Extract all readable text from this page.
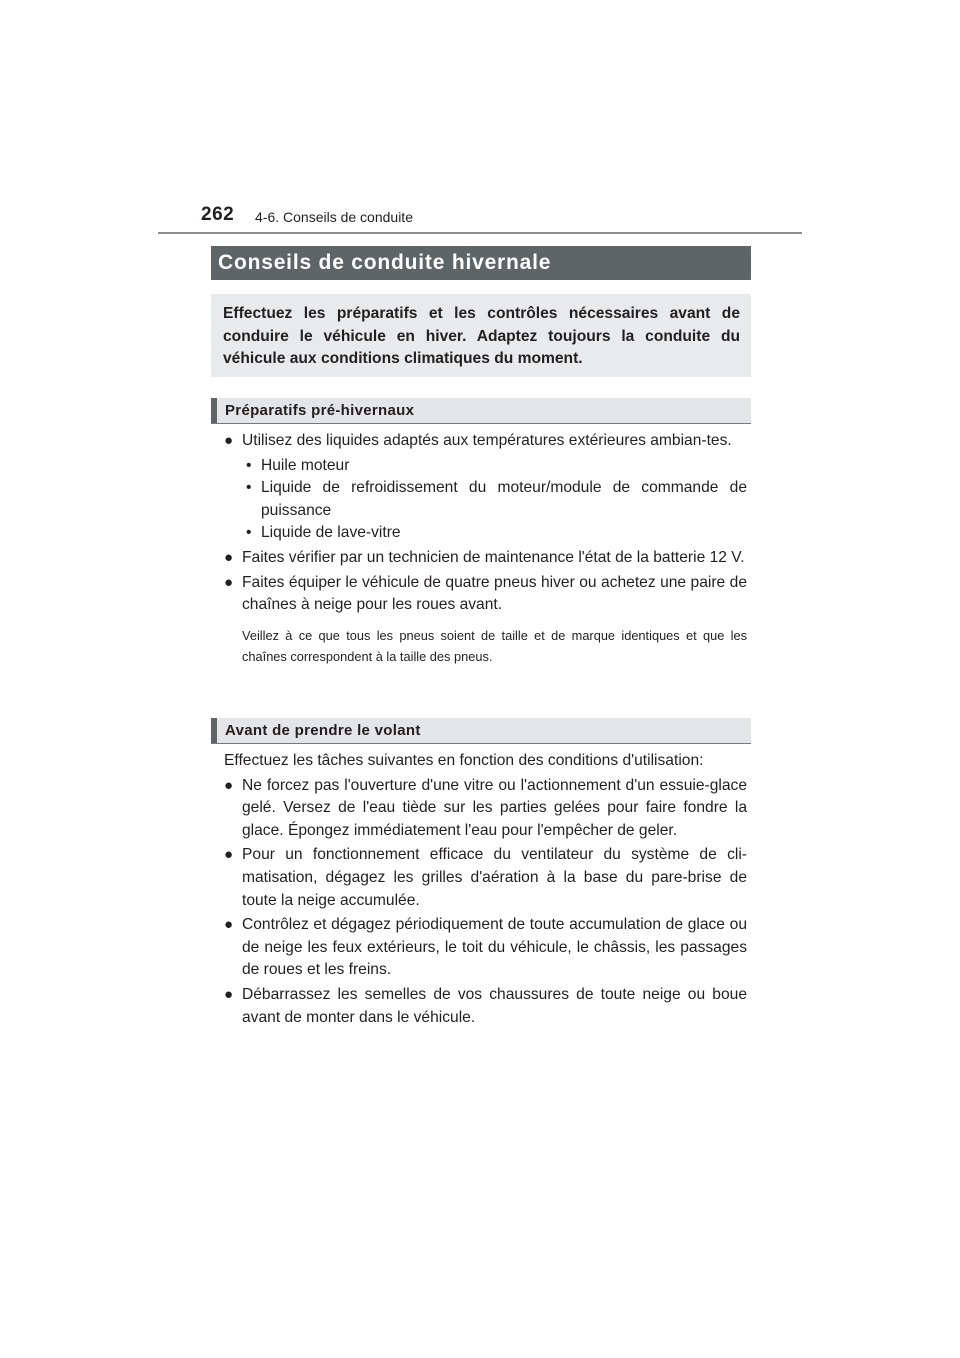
262 4-6. Conseils de conduite
Conseils de conduite hivernale

Effectuez les préparatifs et les contrôles nécessaires avant de conduire le véhicule en hiver. Adaptez toujours la conduite du véhicule aux conditions climatiques du moment.

Préparatifs pré-hivernaux
● Utilisez des liquides adaptés aux températures extérieures ambian-tes.
• Huile moteur
• Liquide de refroidissement du moteur/module de commande de puissance
• Liquide de lave-vitre
● Faites vérifier par un technicien de maintenance l'état de la batterie 12 V.
● Faites équiper le véhicule de quatre pneus hiver ou achetez une paire de chaînes à neige pour les roues avant.
Veillez à ce que tous les pneus soient de taille et de marque identiques et que les chaînes correspondent à la taille des pneus.
Avant de prendre le volant
Effectuez les tâches suivantes en fonction des conditions d'utilisation:
● Ne forcez pas l'ouverture d'une vitre ou l'actionnement d'un essuie-glace gelé. Versez de l'eau tiède sur les parties gelées pour faire fondre la glace. Épongez immédiatement l'eau pour l'empêcher de geler.
● Pour un fonctionnement efficace du ventilateur du système de cli-matisation, dégagez les grilles d'aération à la base du pare-brise de toute la neige accumulée.
● Contrôlez et dégagez périodiquement de toute accumulation de glace ou de neige les feux extérieurs, le toit du véhicule, le châssis, les passages de roues et les freins.
● Débarrassez les semelles de vos chaussures de toute neige ou boue avant de monter dans le véhicule.
